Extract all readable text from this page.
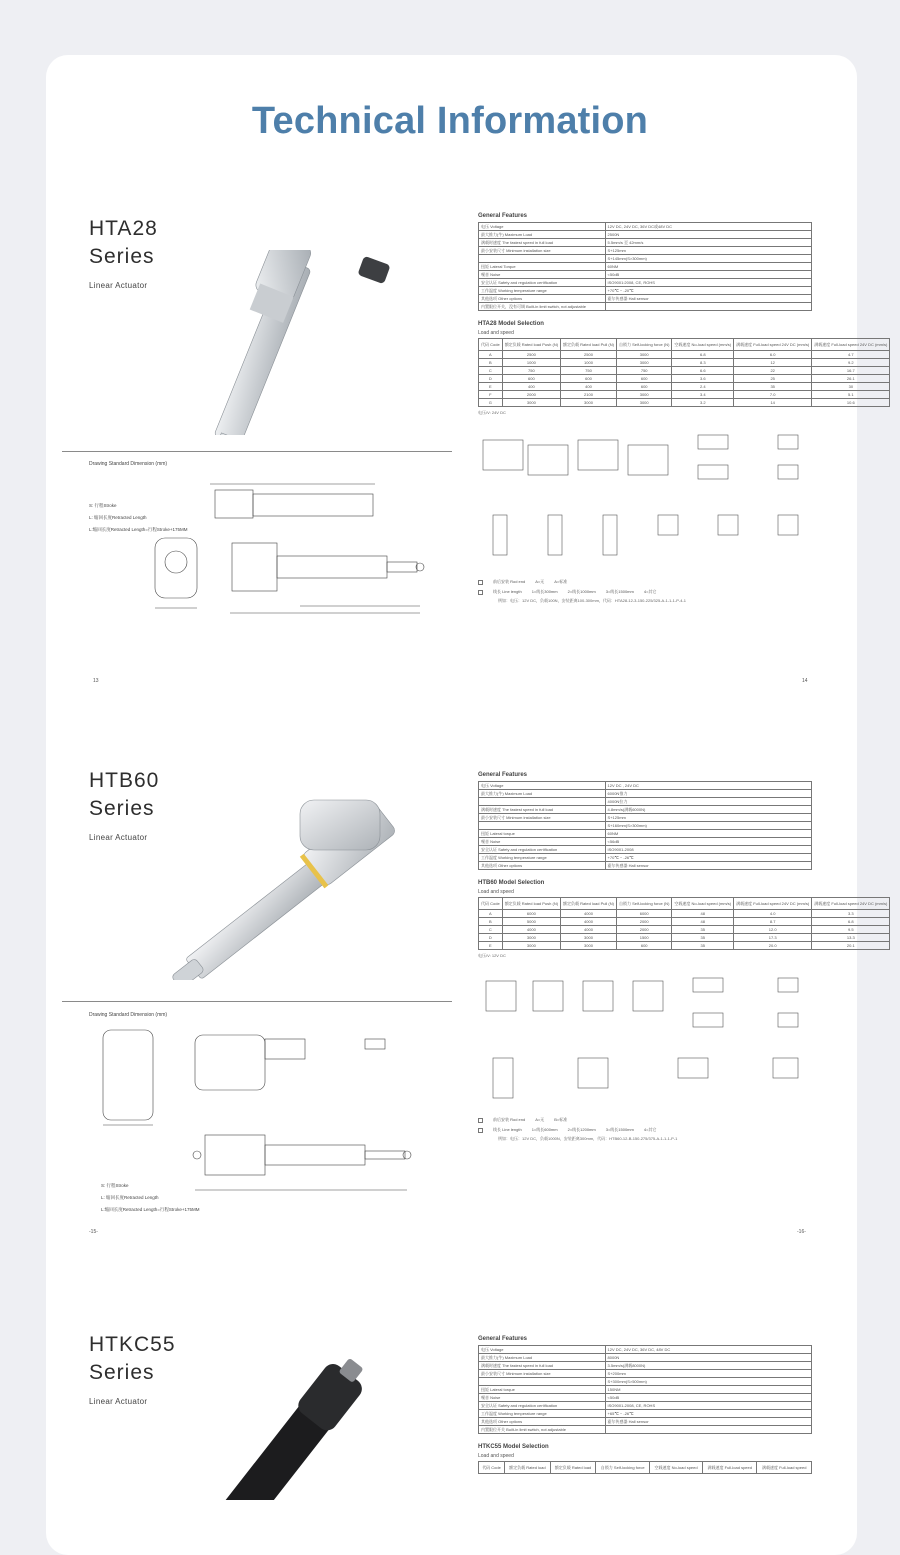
Technical Information
HTA28
Series
Linear Actuator
Drawing Standard Dimension (mm)
S: 行程Stroke
L: 缩回长度Retracted Length
L:缩回长度Retracted Length=行程Stroke+175MM
13	14
General Features
电压 Voltage	12V DC, 24V DC, 36V DC或48V DC
最大推力(牛) Maximum Load	2500N
满载时速度 The fastest speed in full load	5.5mm/s 至 42mm/s
最小安装尺寸 Minimum installation size	S+125mm
	S+145mm(S>300mm)
扭矩 Lateral Torque	60NM
噪音 Noise	<50dB
安全认证 Safety and regulation certification	ISO9001:2008, CE, ROHS
工作温度 Working temperature range	+70℃ ~ -20℃
其他选项 Other options	霍尔传感器 Hall sensor
内置限位开关，没有可调 Built-in limit switch, not adjustable	
HTA28 Model Selection
Load and speed
代码 Code	额定负载 Rated load Push (N)	额定负载 Rated load Pull (N)	自锁力 Self-locking force (N)	空载速度 No-load speed (mm/s)	满载速度 Full-load speed 24V DC (mm/s)	满载速度 Full-load speed 24V DC (mm/s)
A	2500	2500	3000	6.8	6.0	4.7
B	1000	1000	3000	8.3	12	9.2
C	750	750	750	6.6	22	16.7
D	600	600	600	3.6	25	26.1
E	400	400	600	2.4	35	30
F	2000	2100	3000	3.4	7.0	5.1
G	3000	3000	3000	3.2	14	10.6
电压/V: 24V DC
前后安装 Rod end	A=无	A=标准
线长 Line length	1=线长300mm	2=线长1000mm	3=线长1500mm	4=其它
例如：电压：12V DC，负载100N，安装距离100-300mm，代码：HTA28-12-3-150-225/325-A-1-1-1-P-4-1
HTB60
Series
Linear Actuator
Drawing Standard Dimension (mm)
S: 行程Stroke
L: 缩回长度Retracted Length
L:缩回长度Retracted Length=行程Stroke+175MM
-15-	-16-
General Features
电压 Voltage	12V DC , 24V DC
最大推力(牛) Maximum Load	6000N推力
	4000N拉力
满载时速度 The fastest speed in full load	4.8mm/s(满载6000N)
最小安装尺寸 Minimum installation size	S+125mm
	S+160mm(S>300mm)
扭矩 Lateral torque	60NM
噪音 Noise	<56dB
安全认证 Safety and regulation certification	ISO9001-2008
工作温度 Working temperature range	+70℃ ~ -26℃
其他选项 Other options	霍尔传感器 Hall sensor
HTB60 Model Selection
Load and speed
代码 Code	额定负载 Rated load Push (N)	额定负载 Rated load Pull (N)	自锁力 Self-locking force (N)	空载速度 No-load speed (mm/s)	满载速度 Full-load speed 24V DC (mm/s)	满载速度 Full-load speed 24V DC (mm/s)
A	6000	4000	6000	48	4.0	3.3
B	5000	4000	2000	48	8.7	6.8
C	4000	4000	2000	35	12.0	9.5
D	3000	3000	1500	35	17.3	13.3
E	3000	3000	600	35	20.0	20.1
电压/V: 12V DC
前后安装 Rod end	A=无	B=标准
线长 Line length	1=线长600mm	2=线长1200mm	3=线长1500mm	4=其它
例如：电压：12V DC，负载1000N，安装距离300mm，代码：HTB60-12-B-150-275/375-A-1-1-1-P-1
HTKC55
Series
Linear Actuator
General Features
电压 Voltage	12V DC, 24V DC, 36V DC, 48V DC
最大推力(牛) Maximum Load	8000N
满载时速度 The fastest speed in full load	3.5mm/s(满载8000N)
最小安装尺寸 Minimum installation size	S+200mm
	S+300mm(S>500mm)
扭矩 Lateral torque	150NM
噪音 Noise	<50dB
安全认证 Safety and regulation certification	ISO9001-2008, CE, ROHS
工作温度 Working temperature range	+65℃ ~ -26℃
其他选项 Other options	霍尔传感器 Hall sensor
内置限位开关 Built-in limit switch, not adjustable	
HTKC55 Model Selection
Load and speed
代码 Code	额定负载 Rated load	额定负载 Rated load	自锁力 Self-locking force	空载速度 No-load speed	满载速度 Full-load speed	满载速度 Full-load speed
